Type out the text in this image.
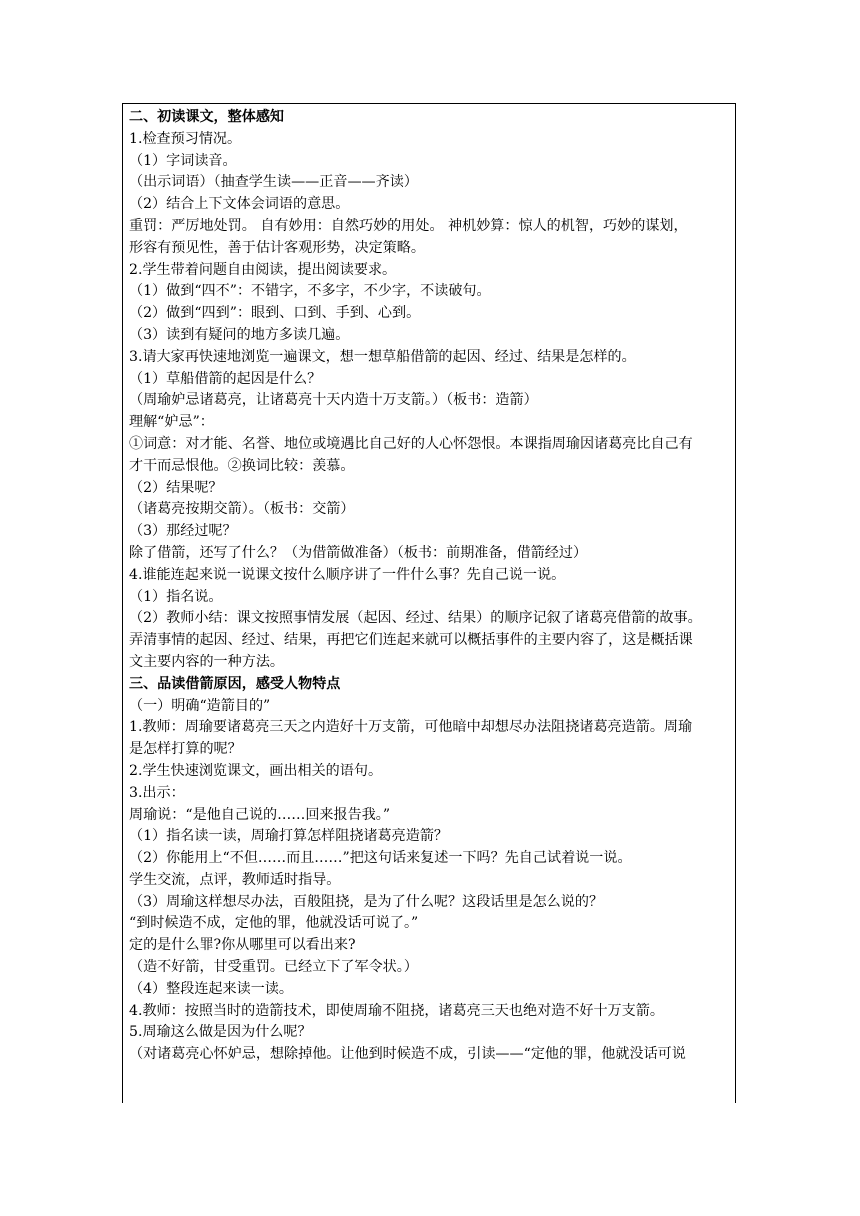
二、初读课文，整体感知
1.检查预习情况。
（1）字词读音。
（出示词语）（抽查学生读——正音——齐读）
（2）结合上下文体会词语的意思。
重罚：严厉地处罚。 自有妙用：自然巧妙的用处。 神机妙算：惊人的机智，巧妙的谋划，
形容有预见性，善于估计客观形势，决定策略。
2.学生带着问题自由阅读，提出阅读要求。
（1）做到“四不”：不错字，不多字，不少字，不读破句。
（2）做到“四到”：眼到、口到、手到、心到。
（3）读到有疑问的地方多读几遍。
3.请大家再快速地浏览一遍课文，想一想草船借箭的起因、经过、结果是怎样的。
（1）草船借箭的起因是什么？
（周瑜妒忌诸葛亮，让诸葛亮十天内造十万支箭。）（板书：造箭）
理解“妒忌”：
①词意：对才能、名誉、地位或境遇比自己好的人心怀怨恨。本课指周瑜因诸葛亮比自己有
才干而忌恨他。②换词比较：羡慕。
（2）结果呢？
（诸葛亮按期交箭）。（板书：交箭）
（3）那经过呢？
除了借箭，还写了什么？（为借箭做准备）（板书：前期准备，借箭经过）
4.谁能连起来说一说课文按什么顺序讲了一件什么事？先自己说一说。
（1）指名说。
（2）教师小结：课文按照事情发展（起因、经过、结果）的顺序记叙了诸葛亮借箭的故事。
弄清事情的起因、经过、结果，再把它们连起来就可以概括事件的主要内容了，这是概括课
文主要内容的一种方法。
三、品读借箭原因，感受人物特点
（一）明确“造箭目的”
1.教师：周瑜要诸葛亮三天之内造好十万支箭，可他暗中却想尽办法阻挠诸葛亮造箭。周瑜
是怎样打算的呢？
2.学生快速浏览课文，画出相关的语句。
3.出示：
周瑜说：“是他自己说的……回来报告我。”
（1）指名读一读，周瑜打算怎样阻挠诸葛亮造箭？
（2）你能用上“不但……而且……”把这句话来复述一下吗？先自己试着说一说。
学生交流，点评，教师适时指导。
（3）周瑜这样想尽办法，百般阻挠，是为了什么呢？这段话里是怎么说的？
“到时候造不成，定他的罪，他就没话可说了。”
定的是什么罪?你从哪里可以看出来?
（造不好箭，甘受重罚。已经立下了军令状。）
（4）整段连起来读一读。
4.教师：按照当时的造箭技术，即使周瑜不阻挠，诸葛亮三天也绝对造不好十万支箭。
5.周瑜这么做是因为什么呢？
（对诸葛亮心怀妒忌，想除掉他。让他到时候造不成，引读——“定他的罪，他就没话可说
